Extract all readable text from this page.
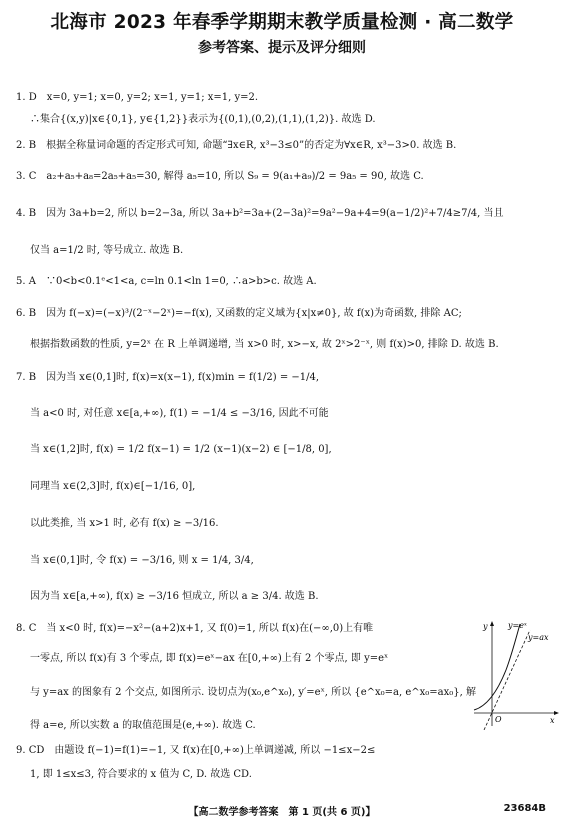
北海市 2023 年春季学期期末教学质量检测 · 高二数学
参考答案、提示及评分细则
1. D　x=0, y=1; x=0, y=2; x=1, y=1; x=1, y=2.
∴集合{(x,y)|x∈{0,1}, y∈{1,2}}表示为{(0,1),(0,2),(1,1),(1,2)}. 故选 D.
2. B　根据全称量词命题的否定形式可知, 命题“∃x∈R, x³−3≤0”的否定为∀x∈R, x³−3>0. 故选 B.
3. C　a₂+a₅+a₈=2a₅+a₅=30, 解得 a₅=10, 所以 S₉ = 9(a₁+a₉)/2 = 9a₅ = 90, 故选 C.
4. B　因为 3a+b=2, 所以 b=2−3a, 所以 3a+b²=3a+(2−3a)²=9a²−9a+4=9(a−1/2)²+7/4≥7/4, 当且
仅当 a=1/2 时, 等号成立. 故选 B.
5. A　∵0<b<0.1ᵉ<1<a, c=ln 0.1<ln 1=0, ∴a>b>c. 故选 A.
6. B　因为 f(−x)=(−x)³/(2⁻ˣ−2ˣ)=−f(x), 又函数的定义域为{x|x≠0}, 故 f(x)为奇函数, 排除 AC;
根据指数函数的性质, y=2ˣ 在 R 上单调递增, 当 x>0 时, x>−x, 故 2ˣ>2⁻ˣ, 则 f(x)>0, 排除 D. 故选 B.
7. B　因为当 x∈(0,1]时, f(x)=x(x−1), f(x)min = f(1/2) = −1/4,
当 a<0 时, 对任意 x∈[a,+∞), f(1) = −1/4 ≤ −3/16, 因此不可能
当 x∈(1,2]时, f(x) = 1/2 f(x−1) = 1/2 (x−1)(x−2) ∈ [−1/8, 0],
同理当 x∈(2,3]时, f(x)∈[−1/16, 0],
以此类推, 当 x>1 时, 必有 f(x) ≥ −3/16.
当 x∈(0,1]时, 令 f(x) = −3/16, 则 x = 1/4, 3/4,
因为当 x∈[a,+∞), f(x) ≥ −3/16 恒成立, 所以 a ≥ 3/4. 故选 B.
8. C　当 x<0 时, f(x)=−x²−(a+2)x+1, 又 f(0)=1, 所以 f(x)在(−∞,0)上有唯
一零点, 所以 f(x)有 3 个零点, 即 f(x)=eˣ−ax 在[0,+∞)上有 2 个零点, 即 y=eˣ
与 y=ax 的图象有 2 个交点, 如图所示. 设切点为(x₀,e^x₀), y′=eˣ, 所以 {e^x₀=a, e^x₀=ax₀}, 解
得 a=e, 所以实数 a 的取值范围是(e,+∞). 故选 C.
9. CD　由题设 f(−1)=f(1)=−1, 又 f(x)在[0,+∞)上单调递减, 所以 −1≤x−2≤
1, 即 1≤x≤3, 符合要求的 x 值为 C, D. 故选 CD.
y=eˣ
y=ax
y
x
O
【高二数学参考答案　第 1 页(共 6 页)】	23684B
